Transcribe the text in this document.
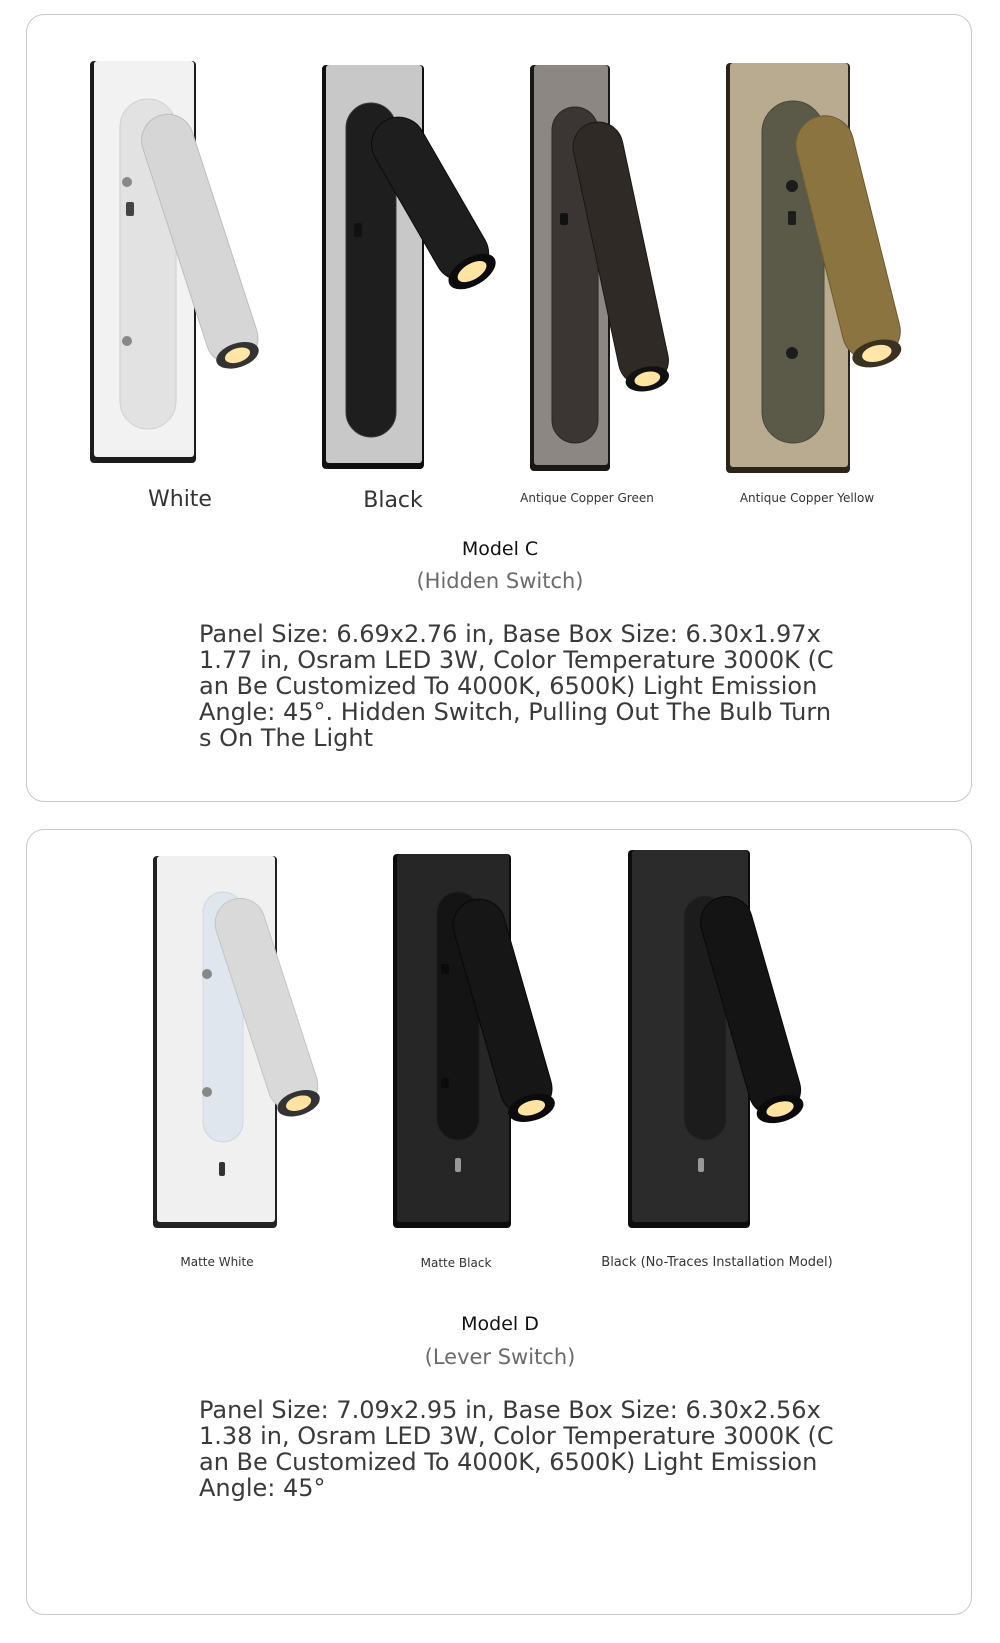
White	Black	Antique Copper Green	Antique Copper Yellow
Model C
(Hidden Switch)
Panel Size: 6.69x2.76 in, Base Box Size: 6.30x1.97x1.77 in, Osram LED 3W, Color Temperature 3000K (Can Be Customized To 4000K, 6500K) Light Emission Angle: 45°. Hidden Switch, Pulling Out The Bulb Turns On The Light
Matte White	Matte Black	Black (No-Traces Installation Model)
Model D
(Lever Switch)
Panel Size: 7.09x2.95 in, Base Box Size: 6.30x2.56x1.38 in, Osram LED 3W, Color Temperature 3000K (Can Be Customized To 4000K, 6500K) Light Emission Angle: 45°
